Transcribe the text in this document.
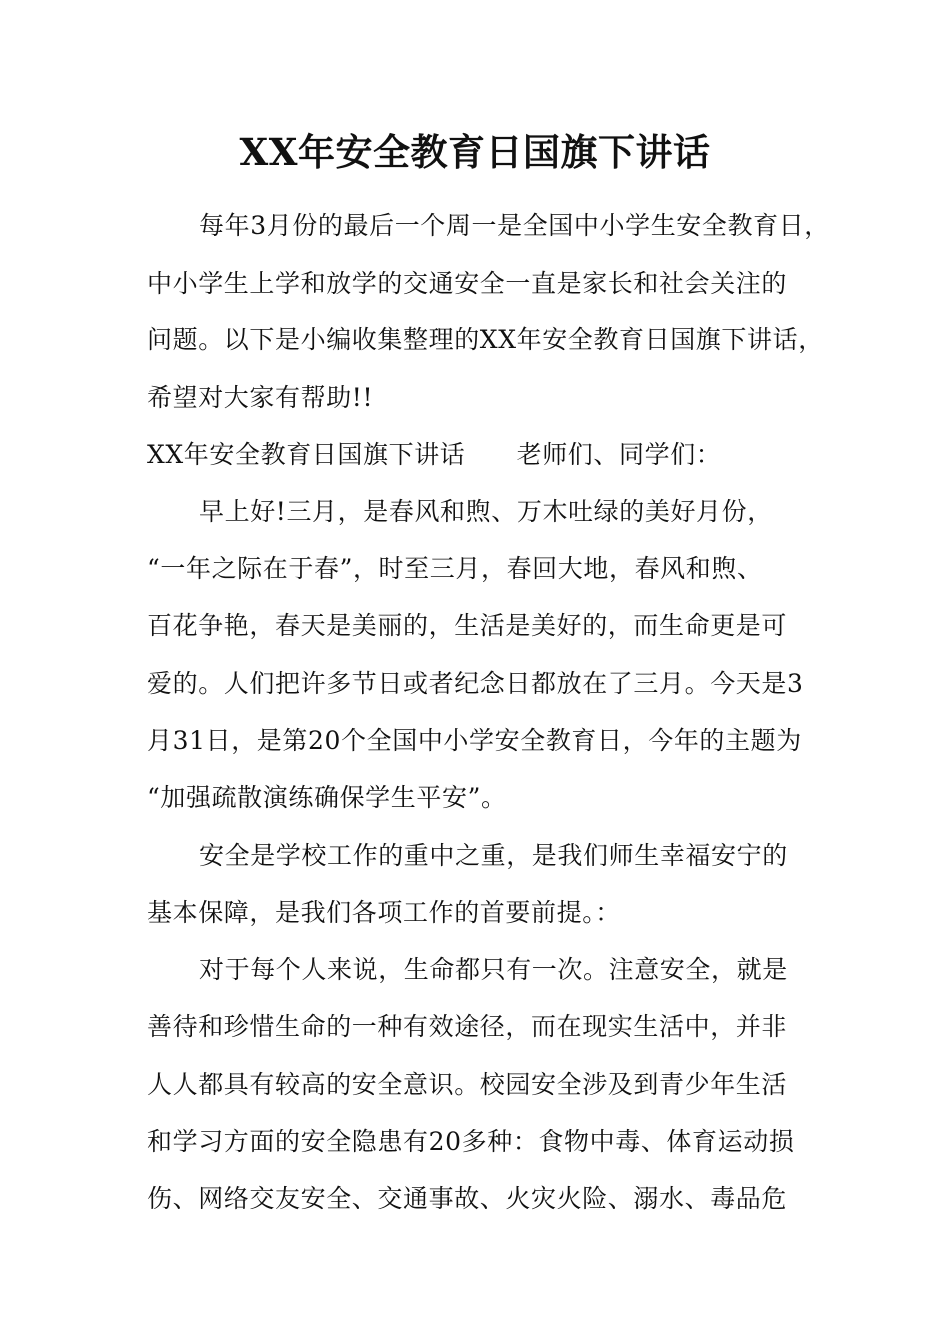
XX年安全教育日国旗下讲话
每年3月份的最后一个周一是全国中小学生安全教育日，
中小学生上学和放学的交通安全一直是家长和社会关注的
问题。以下是小编收集整理的XX年安全教育日国旗下讲话，
希望对大家有帮助!!
XX年安全教育日国旗下讲话　　老师们、同学们：
早上好!三月，是春风和煦、万木吐绿的美好月份，
“一年之际在于春”，时至三月，春回大地，春风和煦、
百花争艳，春天是美丽的，生活是美好的，而生命更是可
爱的。人们把许多节日或者纪念日都放在了三月。今天是3
月31日，是第20个全国中小学安全教育日，今年的主题为
“加强疏散演练确保学生平安”。
安全是学校工作的重中之重，是我们师生幸福安宁的
基本保障，是我们各项工作的首要前提。：
对于每个人来说，生命都只有一次。注意安全，就是
善待和珍惜生命的一种有效途径，而在现实生活中，并非
人人都具有较高的安全意识。校园安全涉及到青少年生活
和学习方面的安全隐患有20多种：食物中毒、体育运动损
伤、网络交友安全、交通事故、火灾火险、溺水、毒品危
